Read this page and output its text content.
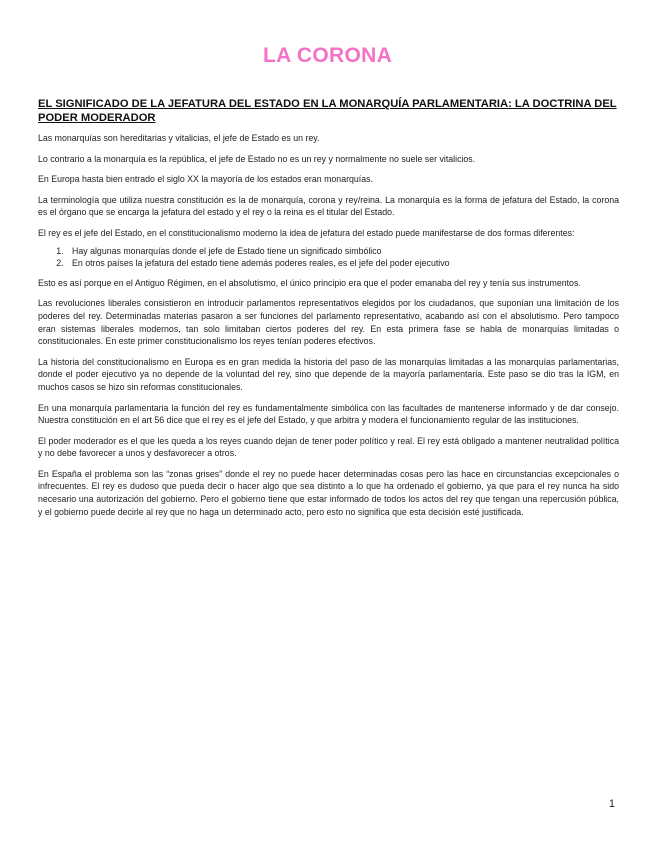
LA CORONA
EL SIGNIFICADO DE LA JEFATURA DEL ESTADO EN LA MONARQUÍA PARLAMENTARIA: LA DOCTRINA DEL PODER MODERADOR

Las monarquías son hereditarias y vitalicias, el jefe de Estado es un rey.

Lo contrario a la monarquía es la república, el jefe de Estado no es un rey y normalmente no suele ser vitalicios.

En Europa hasta bien entrado el siglo XX la mayoría de los estados eran monarquías.

La terminología que utiliza nuestra constitución es la de monarquía, corona y rey/reina. La monarquía es la forma de jefatura del Estado, la corona es el órgano que se encarga la jefatura del estado y el rey o la reina es el titular del Estado.

El rey es el jefe del Estado, en el constitucionalismo moderno la idea de jefatura del estado puede manifestarse de dos formas diferentes:

1. Hay algunas monarquías donde el jefe de Estado tiene un significado simbólico
2. En otros países la jefatura del estado tiene además poderes reales, es el jefe del poder ejecutivo

Esto es así porque en el Antiguo Régimen, en el absolutismo, el único principio era que el poder emanaba del rey y tenía sus instrumentos.

Las revoluciones liberales consistieron en introducir parlamentos representativos elegidos por los ciudadanos, que suponían una limitación de los poderes del rey. Determinadas materias pasaron a ser funciones del parlamento representativo, acabando así con el absolutismo. Pero tampoco eran sistemas liberales modernos, tan solo limitaban ciertos poderes del rey. En esta primera fase se habla de monarquías limitadas o constitucionales. En este primer constitucionalismo los reyes tenían poderes efectivos.

La historia del constitucionalismo en Europa es en gran medida la historia del paso de las monarquías limitadas a las monarquías parlamentarias, donde el poder ejecutivo ya no depende de la voluntad del rey, sino que depende de la mayoría parlamentaria. Este paso se dio tras la IGM, en muchos casos se hizo sin reformas constitucionales.

En una monarquía parlamentaria la función del rey es fundamentalmente simbólica con las facultades de mantenerse informado y de dar consejo. Nuestra constitución en el art 56 dice que el rey es el jefe del Estado, y que arbitra y modera el funcionamiento regular de las instituciones.

El poder moderador es el que les queda a los reyes cuando dejan de tener poder político y real. El rey está obligado a mantener neutralidad política y no debe favorecer a unos y desfavorecer a otros.

En España el problema son las “zonas grises” donde el rey no puede hacer determinadas cosas pero las hace en circunstancias excepcionales o infrecuentes. El rey es dudoso que pueda decir o hacer algo que sea distinto a lo que ha ordenado el gobierno, ya que para el rey nunca ha sido necesario una autorización del gobierno. Pero el gobierno tiene que estar informado de todos los actos del rey que tengan una repercusión pública, y el gobierno puede decirle al rey que no haga un determinado acto, pero esto no significa que esta decisión esté justificada.

1
